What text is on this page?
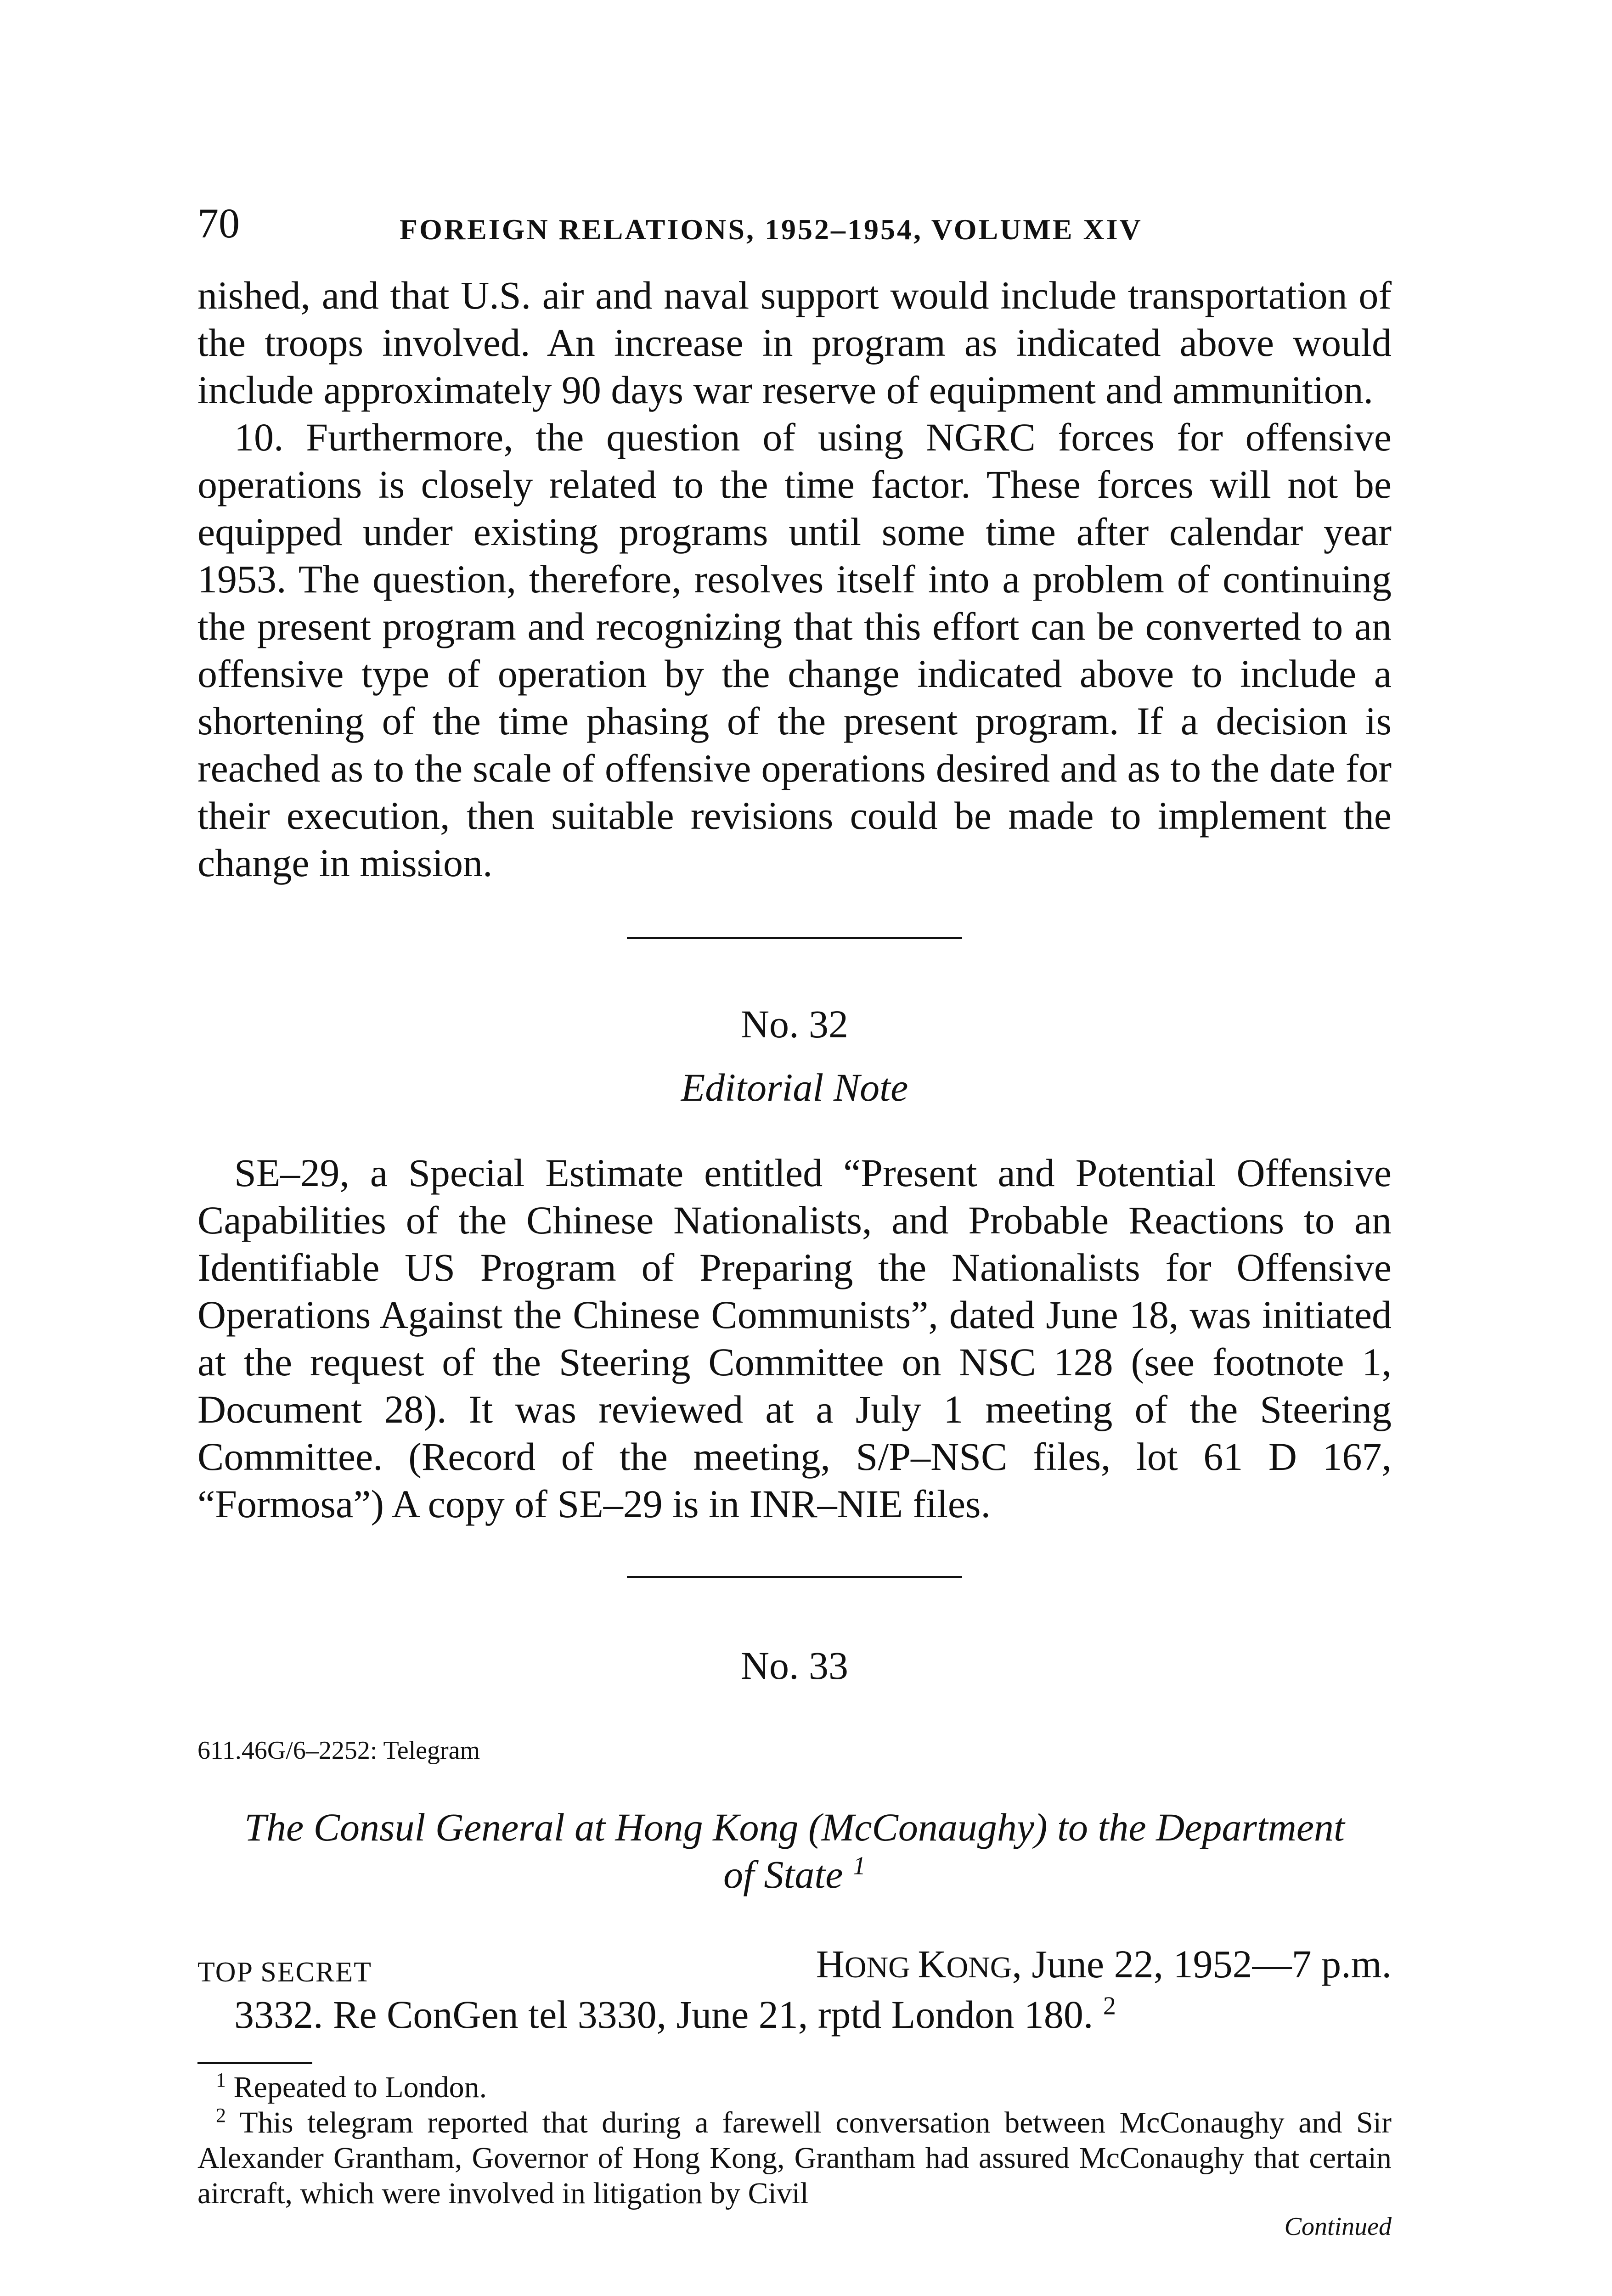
70	FOREIGN RELATIONS, 1952–1954, VOLUME XIV

nished, and that U.S. air and naval support would include transportation of the troops involved. An increase in program as indicated above would include approximately 90 days war reserve of equipment and ammunition.

10. Furthermore, the question of using NGRC forces for offensive operations is closely related to the time factor. These forces will not be equipped under existing programs until some time after calendar year 1953. The question, therefore, resolves itself into a problem of continuing the present program and recognizing that this effort can be converted to an offensive type of operation by the change indicated above to include a shortening of the time phasing of the present program. If a decision is reached as to the scale of offensive operations desired and as to the date for their execution, then suitable revisions could be made to implement the change in mission.

No. 32
Editorial Note

SE–29, a Special Estimate entitled “Present and Potential Offensive Capabilities of the Chinese Nationalists, and Probable Reactions to an Identifiable US Program of Preparing the Nationalists for Offensive Operations Against the Chinese Communists”, dated June 18, was initiated at the request of the Steering Committee on NSC 128 (see footnote 1, Document 28). It was reviewed at a July 1 meeting of the Steering Committee. (Record of the meeting, S/P–NSC files, lot 61 D 167, “Formosa”) A copy of SE–29 is in INR–NIE files.

No. 33
611.46G/6–2252: Telegram
The Consul General at Hong Kong (McConaughy) to the Department
of State $^1$
TOP SECRET	HONG KONG, June 22, 1952—7 p.m.

3332. Re ConGen tel 3330, June 21, rptd London 180. $^2$

$^1$ Repeated to London.

$^2$ This telegram reported that during a farewell conversation between McConaughy and Sir Alexander Grantham, Governor of Hong Kong, Grantham had assured McConaughy that certain aircraft, which were involved in litigation by Civil

Continued
